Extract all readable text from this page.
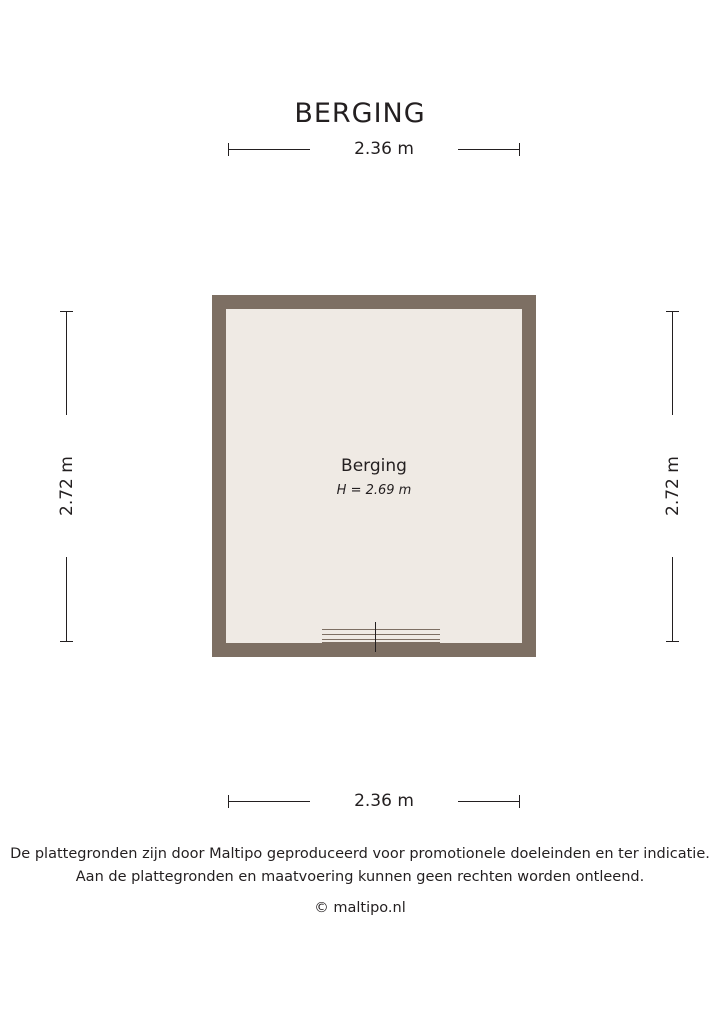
BERGING
2.36 m
2.72 m	2.72 m
Berging
H = 2.69 m
2.36 m
De plattegronden zijn door Maltipo geproduceerd voor promotionele doeleinden en ter indicatie.
Aan de plattegronden en maatvoering kunnen geen rechten worden ontleend.
© maltipo.nl
